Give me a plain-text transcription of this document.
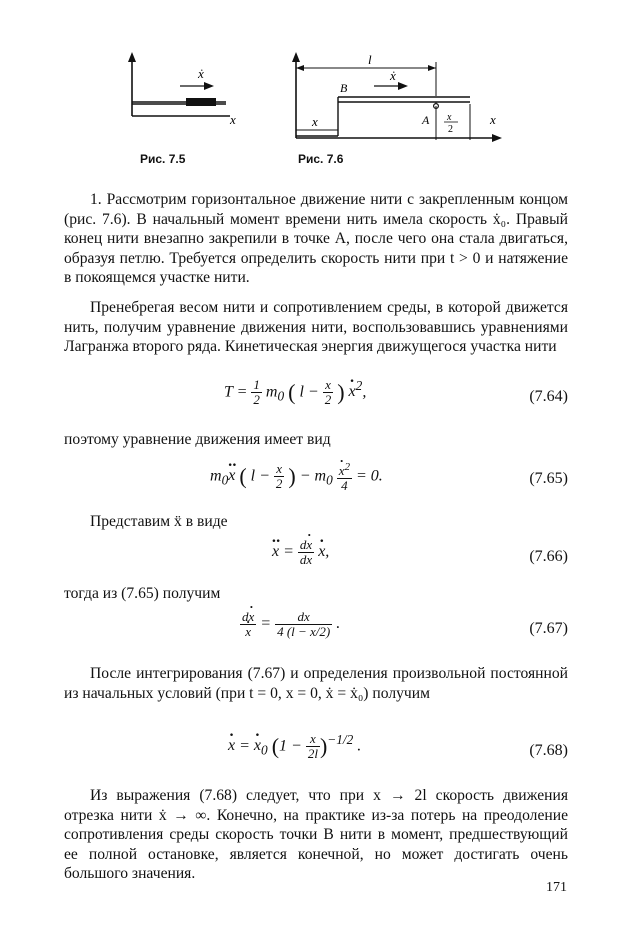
ẋ
x
l
ẋ
B
x	A x
2
x
Рис. 7.5	Рис. 7.6
1. Рассмотрим горизонтальное движение нити с закрепленным концом (рис. 7.6). В начальный момент времени нить имела скорость ẋ₀. Правый конец нити внезапно закрепили в точке A, после чего она стала двигаться, образуя петлю. Требуется определить скорость нити при t > 0 и натяжение в покоящемся участке нити.
Пренебрегая весом нити и сопротивлением среды, в которой движется нить, получим уравнение движения нити, воспользовавшись уравнениями Лагранжа второго ряда. Кинетическая энергия движущегося участка нити
$T = \frac{1}{2} m_0$ ( $l - \frac{x}{2}$ ) · $x^2$,	(7.64)
поэтому уравнение движения имеет вид
$m_0\cdot\cdot x$ ( $l - \frac{x}{2}$ ) − $m_0 \cdot \frac{x^2}{4} = 0$.	(7.65)
Представим ẍ в виде
·· $x = \frac{d\cdot x}{dx} \cdot x$,	(7.66)
тогда из (7.65) получим
d· x
· $x = \frac{dx}{4 (l - x/2)}$ .	(7.67)
После интегрирования (7.67) и определения произвольной постоянной из начальных условий (при t = 0, x = 0, ẋ = ẋ₀) получим
· x = · $x_0$ $(1 - \frac{x}{2l} )^{-1/2}$ .	(7.68)
Из выражения (7.68) следует, что при x → 2l скорость движения отрезка нити ẋ → ∞. Конечно, на практике из-за потерь на преодоление сопротивления среды скорость точки B нити в момент, предшествующий ее полной остановке, является конечной, но может достигать очень большого значения.
171
